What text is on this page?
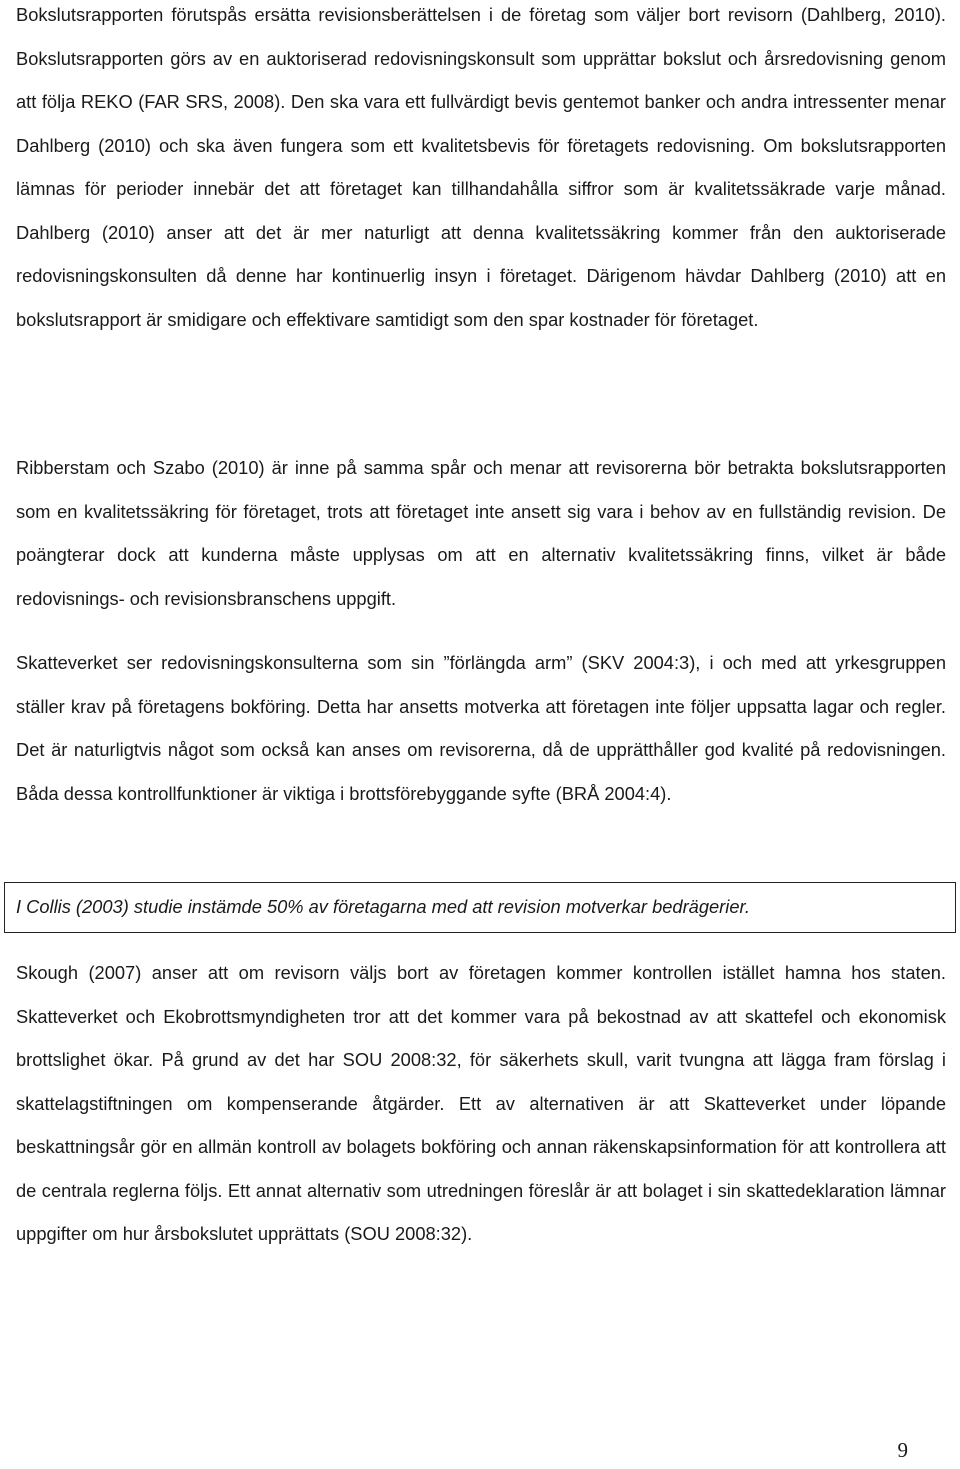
Bokslutsrapporten förutspås ersätta revisionsberättelsen i de företag som väljer bort revisorn (Dahlberg, 2010). Bokslutsrapporten görs av en auktoriserad redovisningskonsult som upprättar bokslut och årsredovisning genom att följa REKO (FAR SRS, 2008). Den ska vara ett fullvärdigt bevis gentemot banker och andra intressenter menar Dahlberg (2010) och ska även fungera som ett kvalitetsbevis för företagets redovisning. Om bokslutsrapporten lämnas för perioder innebär det att företaget kan tillhandahålla siffror som är kvalitetssäkrade varje månad. Dahlberg (2010) anser att det är mer naturligt att denna kvalitetssäkring kommer från den auktoriserade redovisningskonsulten då denne har kontinuerlig insyn i företaget. Därigenom hävdar Dahlberg (2010) att en bokslutsrapport är smidigare och effektivare samtidigt som den spar kostnader för företaget.

Ribberstam och Szabo (2010) är inne på samma spår och menar att revisorerna bör betrakta bokslutsrapporten som en kvalitetssäkring för företaget, trots att företaget inte ansett sig vara i behov av en fullständig revision. De poängterar dock att kunderna måste upplysas om att en alternativ kvalitetssäkring finns, vilket är både redovisnings- och revisionsbranschens uppgift.

Skatteverket ser redovisningskonsulterna som sin ”förlängda arm” (SKV 2004:3), i och med att yrkesgruppen ställer krav på företagens bokföring. Detta har ansetts motverka att företagen inte följer uppsatta lagar och regler. Det är naturligtvis något som också kan anses om revisorerna, då de upprätthåller god kvalité på redovisningen. Båda dessa kontrollfunktioner är viktiga i brottsförebyggande syfte (BRÅ 2004:4).

I Collis (2003) studie instämde 50% av företagarna med att revision motverkar bedrägerier.

Skough (2007) anser att om revisorn väljs bort av företagen kommer kontrollen istället hamna hos staten. Skatteverket och Ekobrottsmyndigheten tror att det kommer vara på bekostnad av att skattefel och ekonomisk brottslighet ökar. På grund av det har SOU 2008:32, för säkerhets skull, varit tvungna att lägga fram förslag i skattelagstiftningen om kompenserande åtgärder. Ett av alternativen är att Skatteverket under löpande beskattningsår gör en allmän kontroll av bolagets bokföring och annan räkenskapsinformation för att kontrollera att de centrala reglerna följs. Ett annat alternativ som utredningen föreslår är att bolaget i sin skattedeklaration lämnar uppgifter om hur årsbokslutet upprättats (SOU 2008:32).

9
